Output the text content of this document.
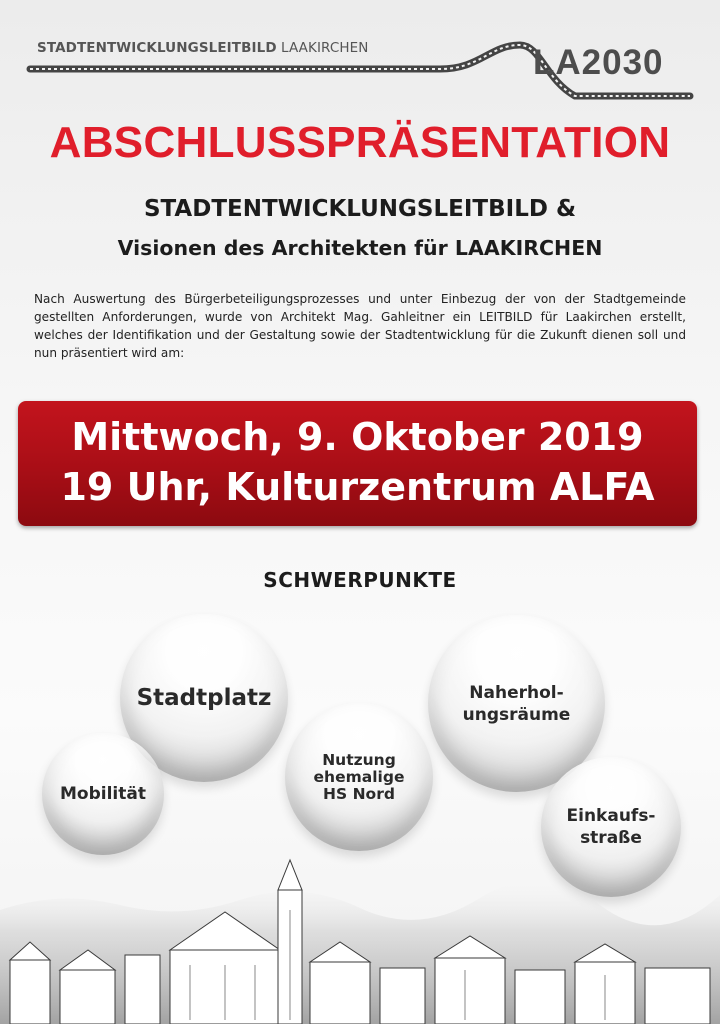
STADTENTWICKLUNGSLEITBILD LAAKIRCHEN	LA2030
ABSCHLUSSPRÄSENTATION
STADTENTWICKLUNGSLEITBILD &
Visionen des Architekten für LAAKIRCHEN
Nach Auswertung des Bürgerbeteiligungsprozesses und unter Einbezug der von der Stadtgemeinde gestellten Anforderungen, wurde von Architekt Mag. Gahleitner ein LEITBILD für Laakirchen erstellt, welches der Identifikation und der Gestaltung sowie der Stadtentwicklung für die Zukunft dienen soll und nun präsentiert wird am:
Mittwoch, 9. Oktober 2019
19 Uhr, Kulturzentrum ALFA
SCHWERPUNKTE
Stadtplatz
Mobilität
Nutzung
ehemalige
HS Nord
Naherhol-
ungsräume
Einkaufs-
straße
